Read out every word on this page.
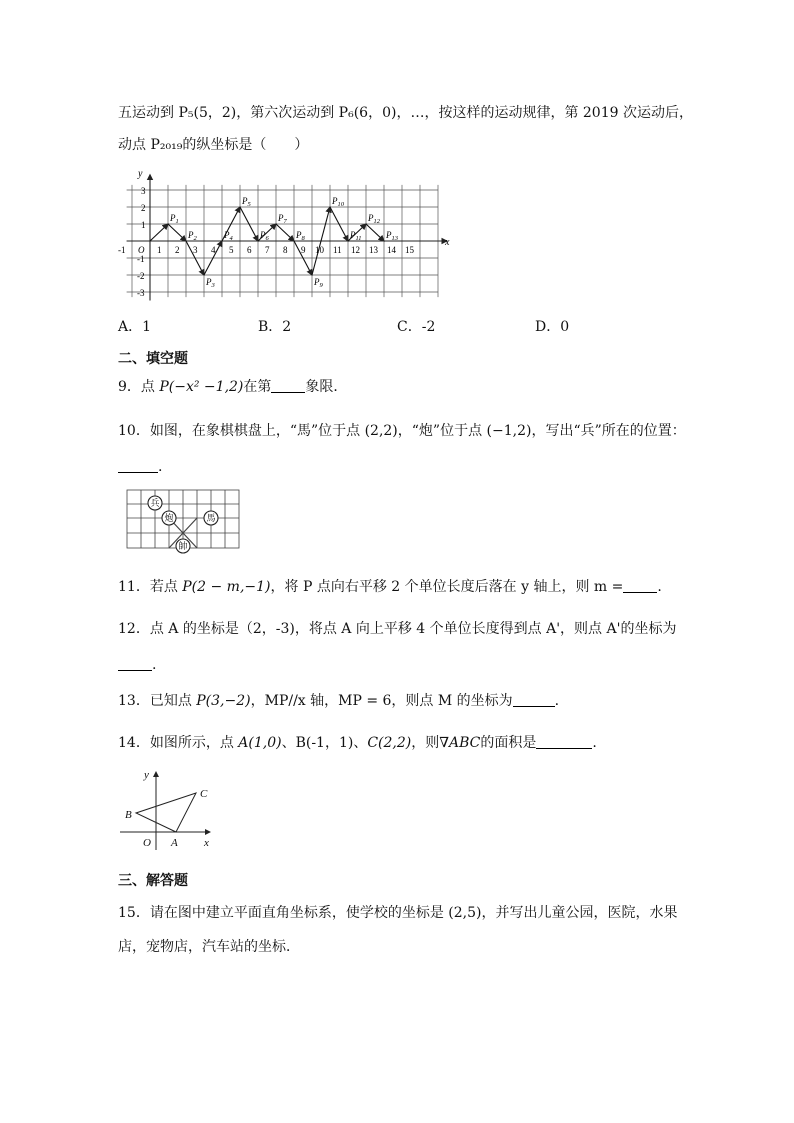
五运动到 P₅(5，2)，第六次运动到 P₆(6，0)，…，按这样的运动规律，第 2019 次运动后，
动点 P₂₀₁₉的纵坐标是（　　）
x
y
-1 O 1 2 3 4 5 6 7 8 9 10 11 12 13 14 15
3
2
1
-1
-2
-3
$P_1$
$P_2$
$P_3$
$P_4$
$P_5$
$P_6$
$P_7$
$P_8$
$P_9$
$P_{10}$
$P_{11}$
$P_{12}$
$P_{13}$
A．1	B．2	C．-2	D．0
二、填空题
9．点 P(−x² −1,2)在第 象限．
10．如图，在象棋棋盘上，“馬”位于点 (2,2)，“炮”位于点 (−1,2)，写出“兵”所在的位置：
.
兵
炮	馬
帥
11．若点 P(2 − m,−1)，将 P 点向右平移 2 个单位长度后落在 y 轴上，则 m = .
12．点 A 的坐标是（2，-3)，将点 A 向上平移 4 个单位长度得到点 A'，则点 A'的坐标为
.
13．已知点 P(3,−2)，MP//x 轴，MP = 6，则点 M 的坐标为	.
14．如图所示，点 A(1,0)、B(-1，1)、C(2,2)，则∇ABC的面积是	.
y
C
B
O A x
三、解答题
15．请在图中建立平面直角坐标系，使学校的坐标是 (2,5)，并写出儿童公园，医院，水果
店，宠物店，汽车站的坐标．
